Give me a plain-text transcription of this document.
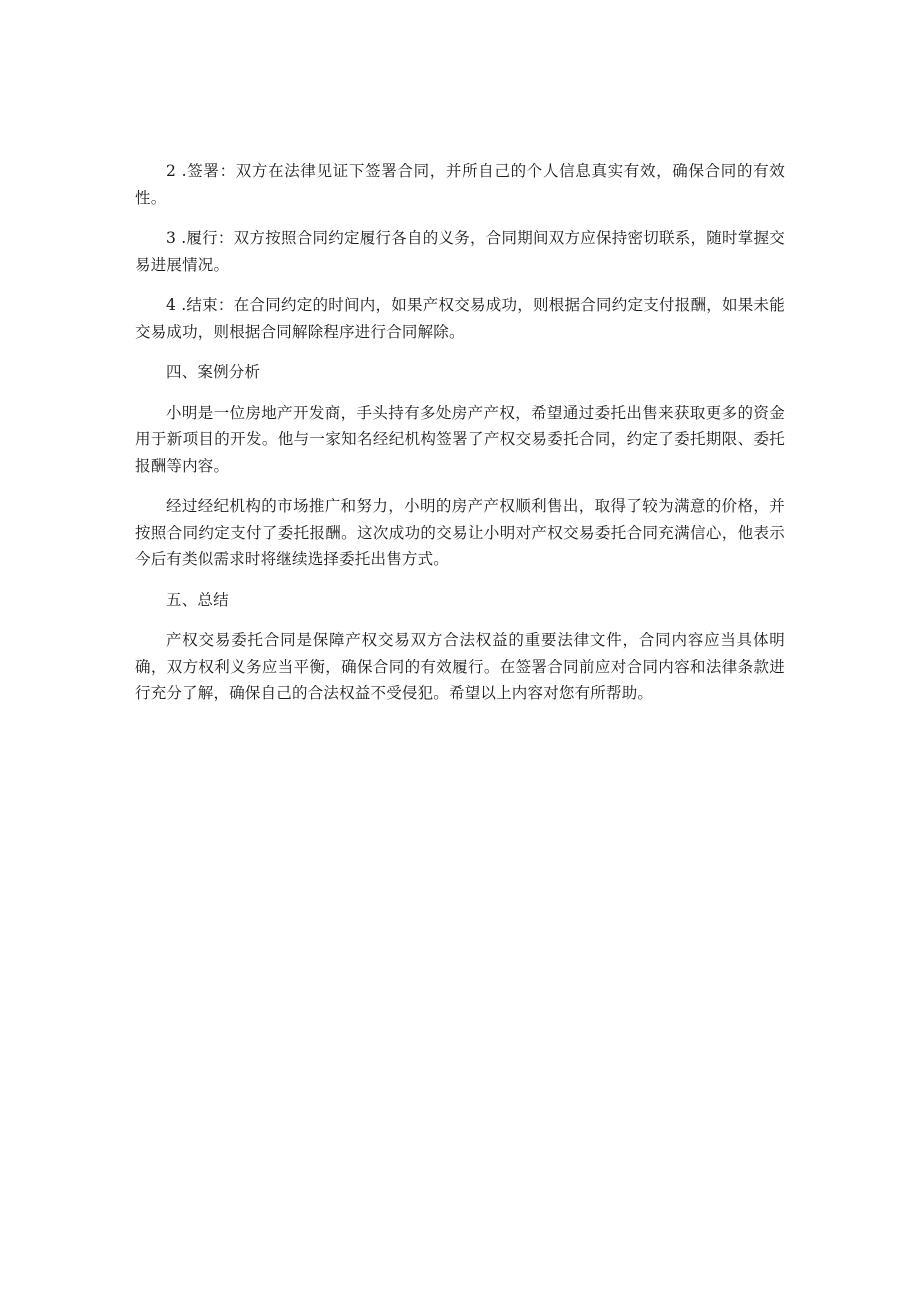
2 .签署：双方在法律见证下签署合同，并所自己的个人信息真实有效，确保合同的有效性。

3 .履行：双方按照合同约定履行各自的义务，合同期间双方应保持密切联系，随时掌握交易进展情况。

4 .结束：在合同约定的时间内，如果产权交易成功，则根据合同约定支付报酬，如果未能交易成功，则根据合同解除程序进行合同解除。

四、案例分析

小明是一位房地产开发商，手头持有多处房产产权，希望通过委托出售来获取更多的资金用于新项目的开发。他与一家知名经纪机构签署了产权交易委托合同，约定了委托期限、委托报酬等内容。

经过经纪机构的市场推广和努力，小明的房产产权顺利售出，取得了较为满意的价格，并按照合同约定支付了委托报酬。这次成功的交易让小明对产权交易委托合同充满信心，他表示今后有类似需求时将继续选择委托出售方式。

五、总结

产权交易委托合同是保障产权交易双方合法权益的重要法律文件，合同内容应当具体明确，双方权利义务应当平衡，确保合同的有效履行。在签署合同前应对合同内容和法律条款进行充分了解，确保自己的合法权益不受侵犯。希望以上内容对您有所帮助。
